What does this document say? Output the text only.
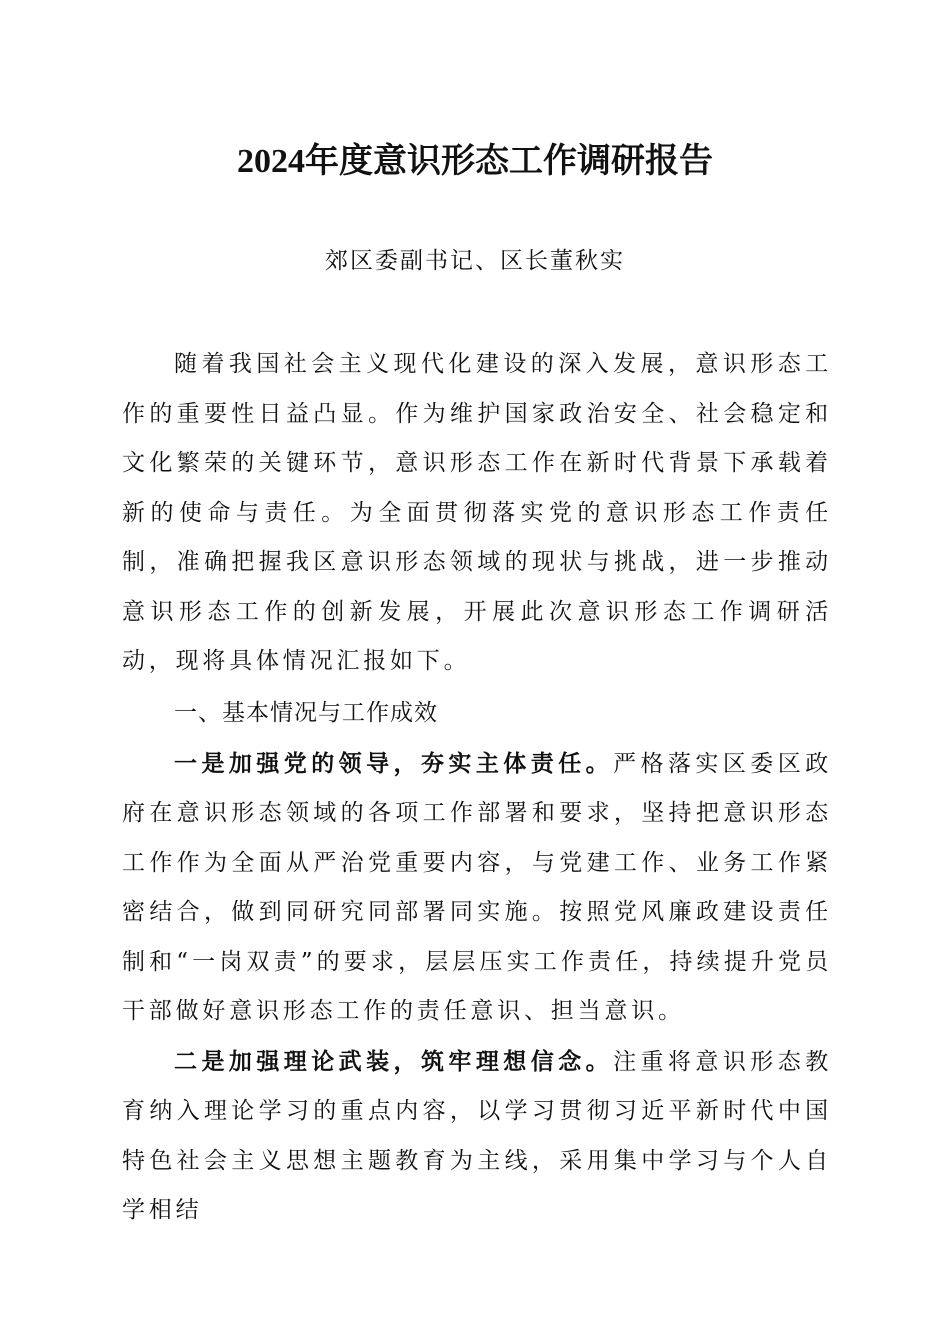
2024年度意识形态工作调研报告

郊区委副书记、区长董秋实

随着我国社会主义现代化建设的深入发展，意识形态工作的重要性日益凸显。作为维护国家政治安全、社会稳定和文化繁荣的关键环节，意识形态工作在新时代背景下承载着新的使命与责任。为全面贯彻落实党的意识形态工作责任制，准确把握我区意识形态领域的现状与挑战，进一步推动意识形态工作的创新发展，开展此次意识形态工作调研活动，现将具体情况汇报如下。

一、基本情况与工作成效

一是加强党的领导，夯实主体责任。严格落实区委区政府在意识形态领域的各项工作部署和要求，坚持把意识形态工作作为全面从严治党重要内容，与党建工作、业务工作紧密结合，做到同研究同部署同实施。按照党风廉政建设责任制和“一岗双责”的要求，层层压实工作责任，持续提升党员干部做好意识形态工作的责任意识、担当意识。

二是加强理论武装，筑牢理想信念。注重将意识形态教育纳入理论学习的重点内容，以学习贯彻习近平新时代中国特色社会主义思想主题教育为主线，采用集中学习与个人自学相结
